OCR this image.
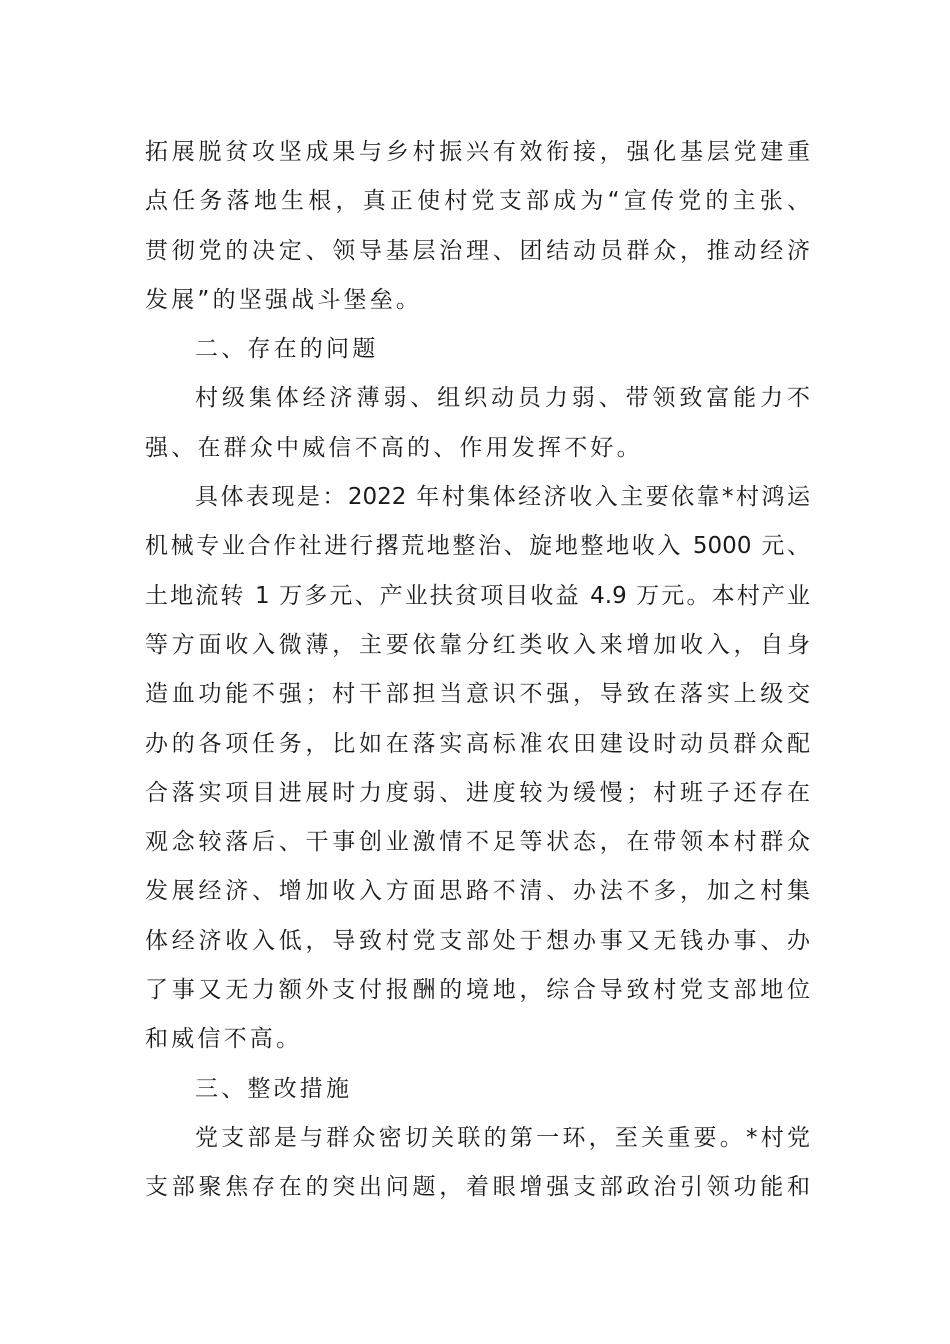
拓展脱贫攻坚成果与乡村振兴有效衔接，强化基层党建重
点任务落地生根，真正使村党支部成为“宣传党的主张、
贯彻党的决定、领导基层治理、团结动员群众，推动经济
发展”的坚强战斗堡垒。
二、存在的问题
村级集体经济薄弱、组织动员力弱、带领致富能力不
强、在群众中威信不高的、作用发挥不好。
具体表现是：2022 年村集体经济收入主要依靠*村鸿运
机械专业合作社进行撂荒地整治、旋地整地收入 5000 元、
土地流转 1 万多元、产业扶贫项目收益 4.9 万元。本村产业
等方面收入微薄，主要依靠分红类收入来增加收入，自身
造血功能不强；村干部担当意识不强，导致在落实上级交
办的各项任务，比如在落实高标准农田建设时动员群众配
合落实项目进展时力度弱、进度较为缓慢；村班子还存在
观念较落后、干事创业激情不足等状态，在带领本村群众
发展经济、增加收入方面思路不清、办法不多，加之村集
体经济收入低，导致村党支部处于想办事又无钱办事、办
了事又无力额外支付报酬的境地，综合导致村党支部地位
和威信不高。
三、整改措施
党支部是与群众密切关联的第一环，至关重要。*村党
支部聚焦存在的突出问题，着眼增强支部政治引领功能和
